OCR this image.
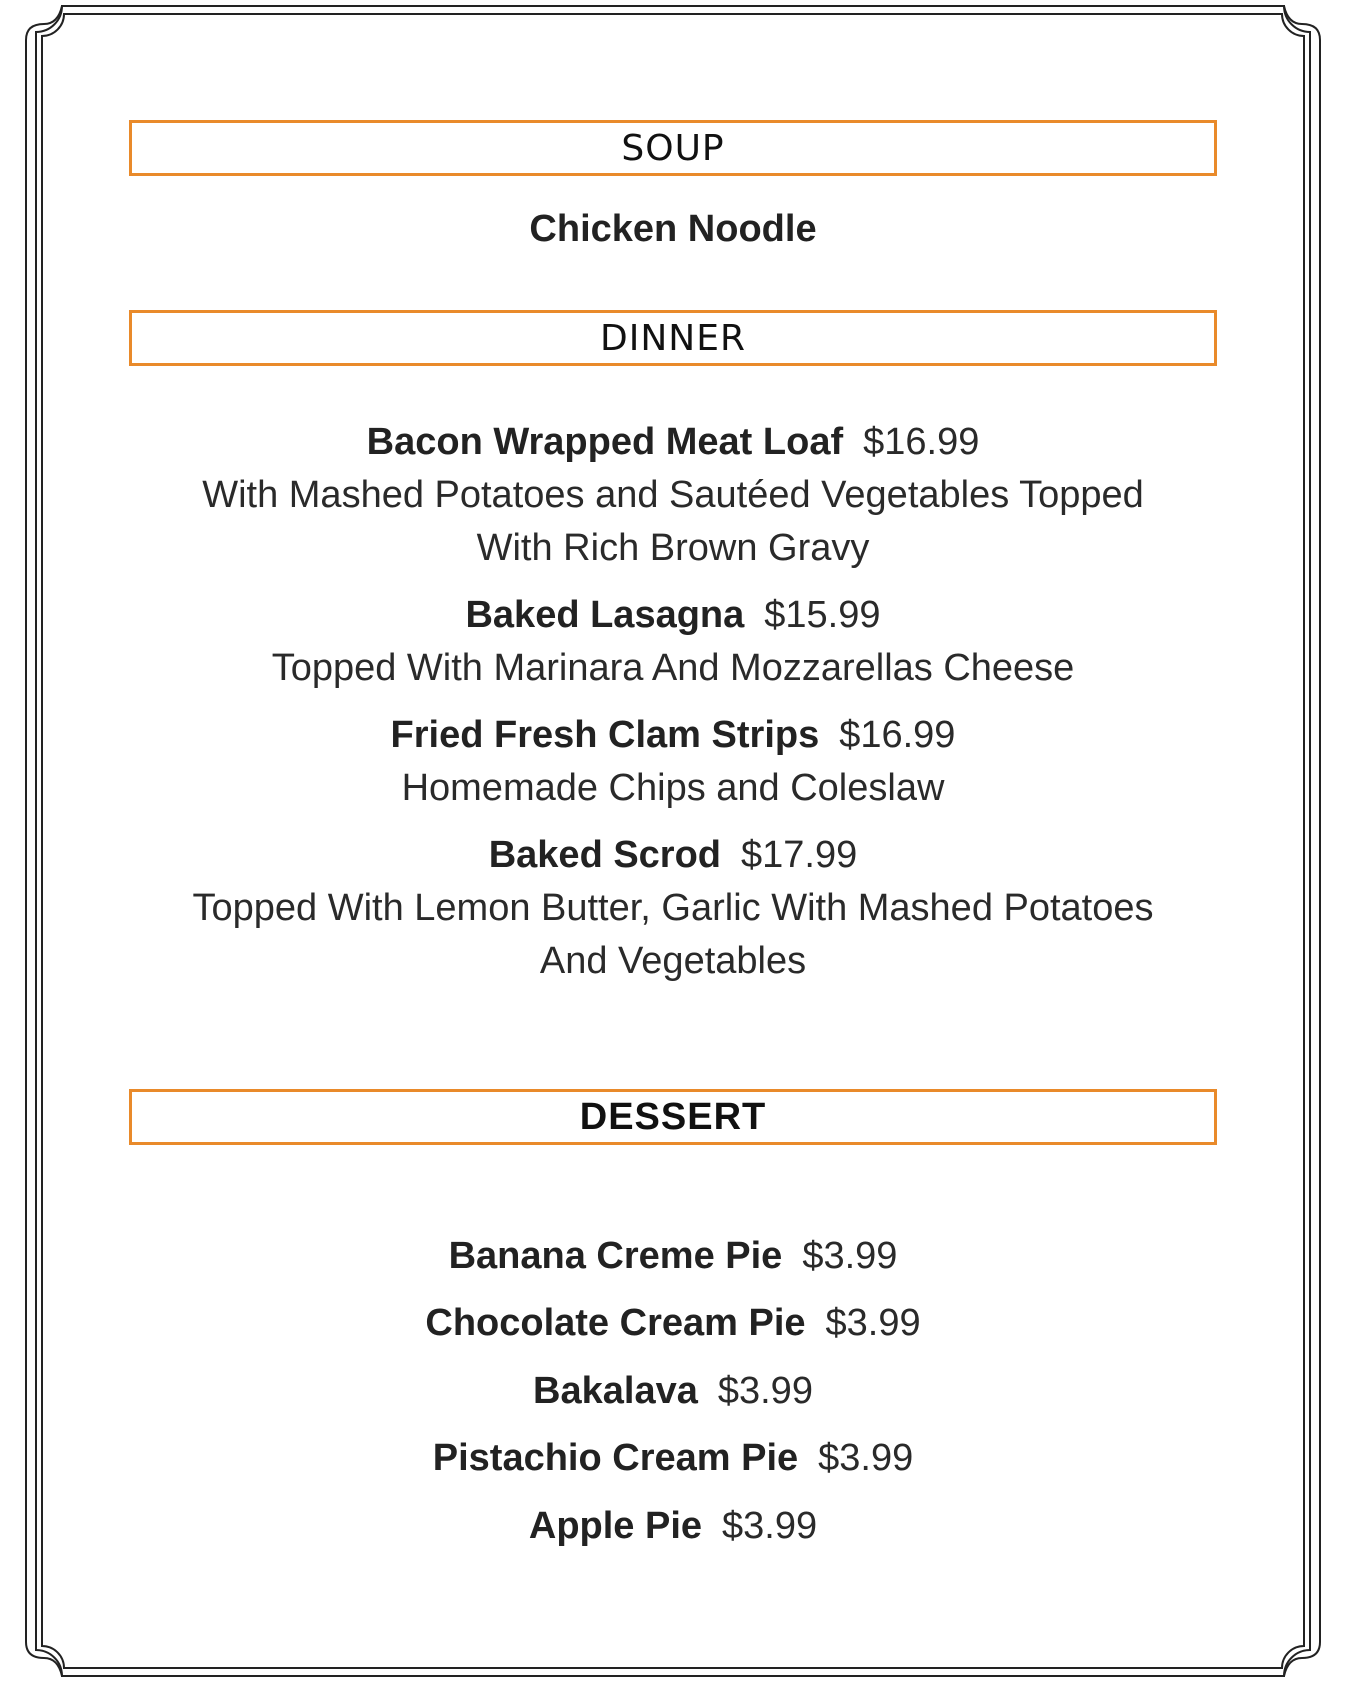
SOUP
Chicken Noodle
DINNER
Bacon Wrapped Meat Loaf $16.99
With Mashed Potatoes and Sautéed Vegetables Topped
With Rich Brown Gravy
Baked Lasagna $15.99
Topped With Marinara And Mozzarellas Cheese
Fried Fresh Clam Strips $16.99
Homemade Chips and Coleslaw
Baked Scrod $17.99
Topped With Lemon Butter, Garlic With Mashed Potatoes
And Vegetables
DESSERT
Banana Creme Pie $3.99
Chocolate Cream Pie $3.99
Bakalava $3.99
Pistachio Cream Pie $3.99
Apple Pie $3.99
